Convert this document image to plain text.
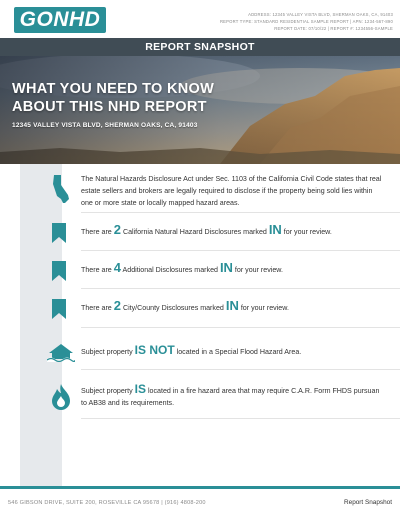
GONHD	ADDRESS: 12345 VALLEY VISTA BLVD, SHERMAN OAKS, CA, 91403
REPORT TYPE: STANDARD RESIDENTIAL SAMPLE REPORT | APN: 1234-567-890
REPORT DATE: 07/10/22 | REPORT #: 1234556-SAMPLE
REPORT SNAPSHOT
WHAT YOU NEED TO KNOW
ABOUT THIS NHD REPORT
12345 VALLEY VISTA BLVD, SHERMAN OAKS, CA, 91403
The Natural Hazards Disclosure Act under Sec. 1103 of the California Civil Code states that real
estate sellers and brokers are legally required to disclose if the property being sold lies within
one or more state or locally mapped hazard areas.
There are 2 California Natural Hazard Disclosures marked IN for your review.
There are 4 Additional Disclosures marked IN for your review.
There are 2 City/County Disclosures marked IN for your review.
Subject property IS NOT located in a Special Flood Hazard Area.
Subject property IS located in a fire hazard area that may require C.A.R. Form FHDS pursuan
to AB38 and its requirements.
546 GIBSON DRIVE, SUITE 200, ROSEVILLE CA 95678 | (916) 4808-200	Report Snapshot
